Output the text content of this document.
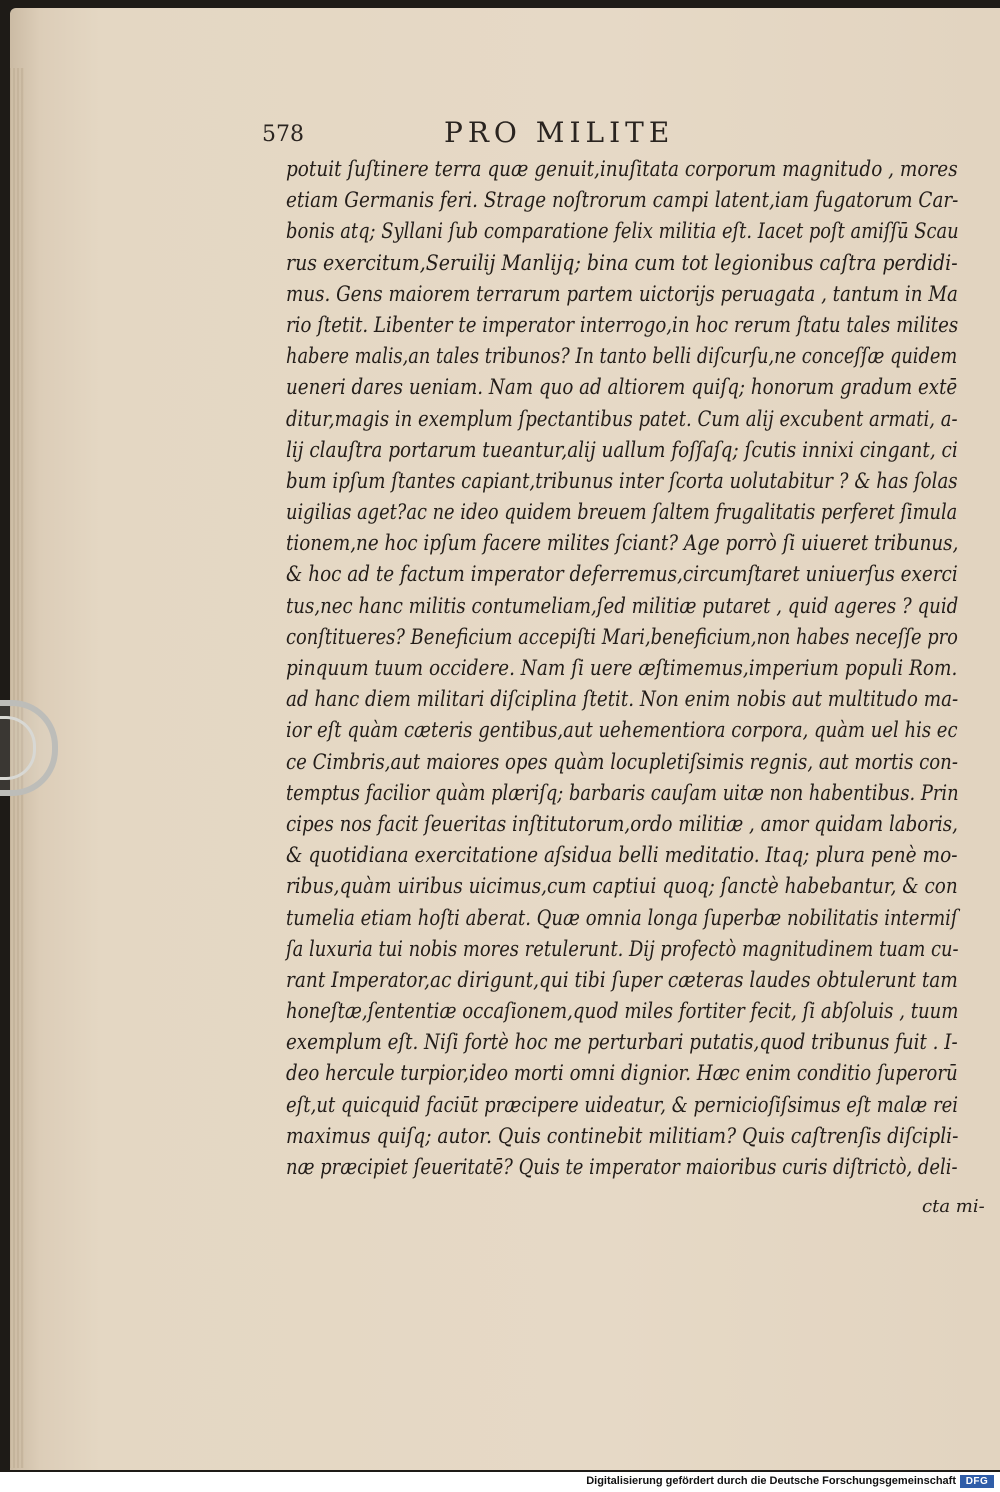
578	PRO MILITE
potuit ſuſtinere terra quæ genuit,inuſitata corporum magnitudo , mores
etiam Germanis feri. Strage noſtrorum campi latent,iam fugatorum Car-
bonis atq; Syllani ſub comparatione felix militia eſt. Iacet poſt amiſſū Scau
rus exercitum,Seruilij Manlijq; bina cum tot legionibus caſtra perdidi-
mus. Gens maiorem terrarum partem uictorijs peruagata , tantum in Ma
rio ſtetit. Libenter te imperator interrogo,in hoc rerum ſtatu tales milites
habere malis,an tales tribunos? In tanto belli diſcurſu,ne conceſſæ quidem
ueneri dares ueniam. Nam quo ad altiorem quiſq; honorum gradum extē
ditur,magis in exemplum ſpectantibus patet. Cum alij excubent armati, a-
lij clauſtra portarum tueantur,alij uallum foſſaſq; ſcutis innixi cingant, ci
bum ipſum ſtantes capiant,tribunus inter ſcorta uolutabitur ? & has ſolas
uigilias aget?ac ne ideo quidem breuem ſaltem frugalitatis perferet ſimula
tionem,ne hoc ipſum facere milites ſciant? Age porrò ſi uiueret tribunus,
& hoc ad te factum imperator deferremus,circumſtaret uniuerſus exerci
tus,nec hanc militis contumeliam,ſed militiæ putaret , quid ageres ? quid
conſtitueres? Beneficium accepiſti Mari,beneficium,non habes neceſſe pro
pinquum tuum occidere. Nam ſi uere æſtimemus,imperium populi Rom.
ad hanc diem militari diſciplina ſtetit. Non enim nobis aut multitudo ma-
ior eſt quàm cæteris gentibus,aut uehementiora corpora, quàm uel his ec
ce Cimbris,aut maiores opes quàm locupletiſsimis regnis, aut mortis con-
temptus facilior quàm plæriſq; barbaris cauſam uitæ non habentibus. Prin
cipes nos facit ſeueritas inſtitutorum,ordo militiæ , amor quidam laboris,
& quotidiana exercitatione aſsidua belli meditatio. Itaq; plura penè mo-
ribus,quàm uiribus uicimus,cum captiui quoq; ſanctè habebantur, & con
tumelia etiam hoſti aberat. Quæ omnia longa ſuperbæ nobilitatis intermiſ
ſa luxuria tui nobis mores retulerunt. Dij profectò magnitudinem tuam cu-
rant Imperator,ac dirigunt,qui tibi ſuper cæteras laudes obtulerunt tam
honeſtæ,ſententiæ occaſionem,quod miles fortiter fecit, ſi abſoluis , tuum
exemplum eſt. Niſi fortè hoc me perturbari putatis,quod tribunus fuit . I-
deo hercule turpior,ideo morti omni dignior. Hæc enim conditio ſuperorū
eſt,ut quicquid faciūt præcipere uideatur, & pernicioſiſsimus eſt malæ rei
maximus quiſq; autor. Quis continebit militiam? Quis caſtrenſis diſcipli-
næ præcipiet ſeueritatē? Quis te imperator maioribus curis diſtrictò, deli-
cta mi-
Digitalisierung gefördert durch die Deutsche Forschungsgemeinschaft DFG
